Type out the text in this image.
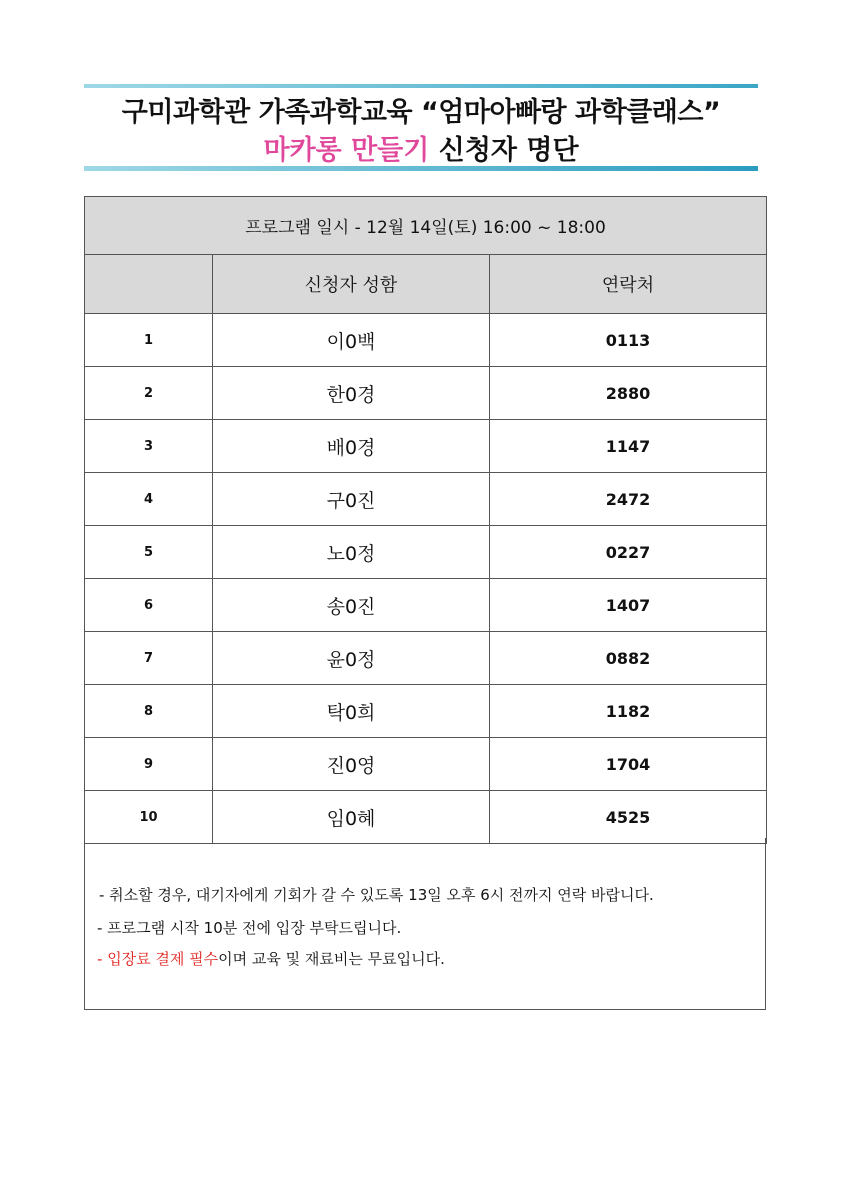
구미과학관 가족과학교육 “엄마아빠랑 과학클래스”
마카롱 만들기 신청자 명단
프로그램 일시 - 12월 14일(토) 16:00 ~ 18:00		
	신청자 성함	연락처
1	이0백	0113
2	한0경	2880
3	배0경	1147
4	구0진	2472
5	노0정	0227
6	송0진	1407
7	윤0정	0882
8	탁0희	1182
9	진0영	1704
10	임0혜	4525
- 취소할 경우, 대기자에게 기회가 갈 수 있도록 13일 오후 6시 전까지 연락 바랍니다.
- 프로그램 시작 10분 전에 입장 부탁드립니다.
- 입장료 결제 필수이며 교육 및 재료비는 무료입니다.
